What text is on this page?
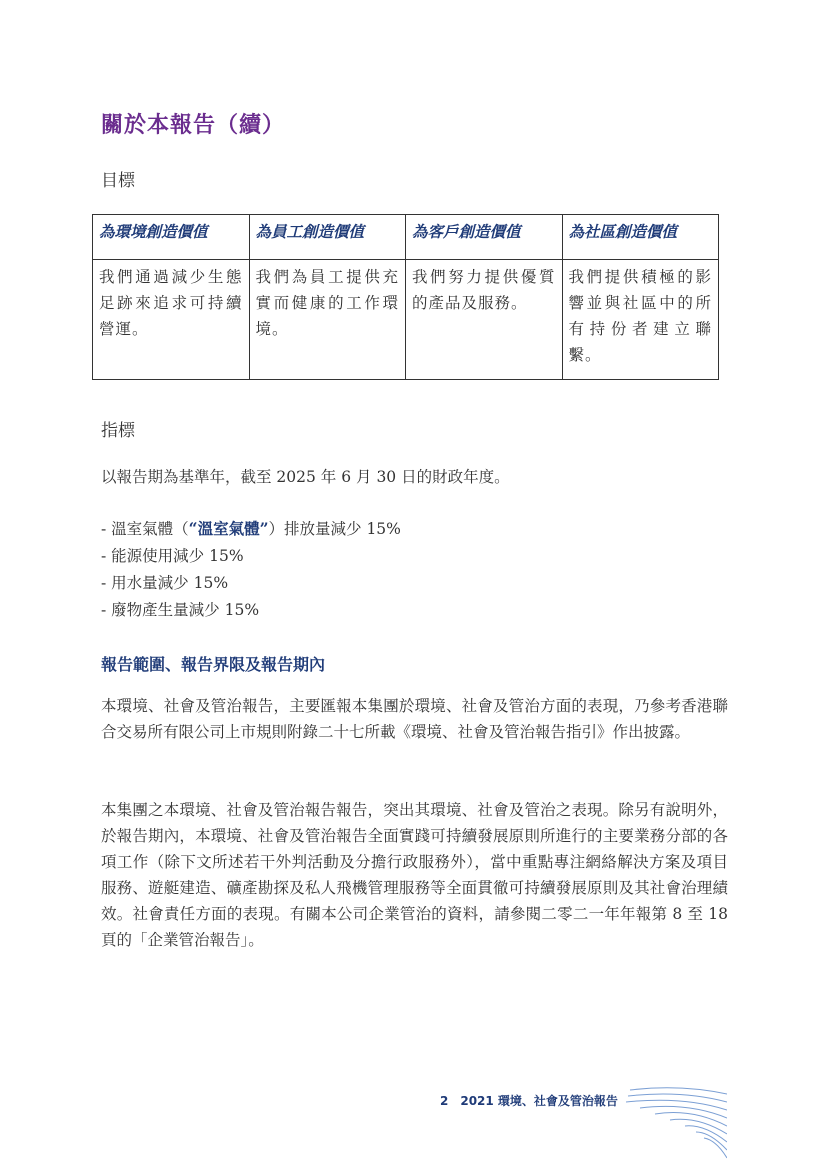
關於本報告（續）
目標
為環境創造價值	為員工創造價值	為客戶創造價值	為社區創造價值
我們通過減少生態足跡來追求可持續營運。	我們為員工提供充實而健康的工作環境。	我們努力提供優質的產品及服務。	我們提供積極的影響並與社區中的所有持份者建立聯繫。
指標
以報告期為基準年，截至 2025 年 6 月 30 日的財政年度。
- 溫室氣體（“溫室氣體”）排放量減少 15%
- 能源使用減少 15%
- 用水量減少 15%
- 廢物產生量減少 15%
報告範圍、報告界限及報告期內

本環境、社會及管治報告，主要匯報本集團於環境、社會及管治方面的表現，乃參考香港聯合交易所有限公司上市規則附錄二十七所載《環境、社會及管治報告指引》作出披露。

本集團之本環境、社會及管治報告報告，突出其環境、社會及管治之表現。除另有說明外，於報告期內，本環境、社會及管治報告全面實踐可持續發展原則所進行的主要業務分部的各項工作（除下文所述若干外判活動及分擔行政服務外），當中重點專注網絡解決方案及項目服務、遊艇建造、礦產勘探及私人飛機管理服務等全面貫徹可持續發展原則及其社會治理績效。社會責任方面的表現。有關本公司企業管治的資料，請參閱二零二一年年報第 8 至 18 頁的「企業管治報告」。

2 2021 環境、社會及管治報告
